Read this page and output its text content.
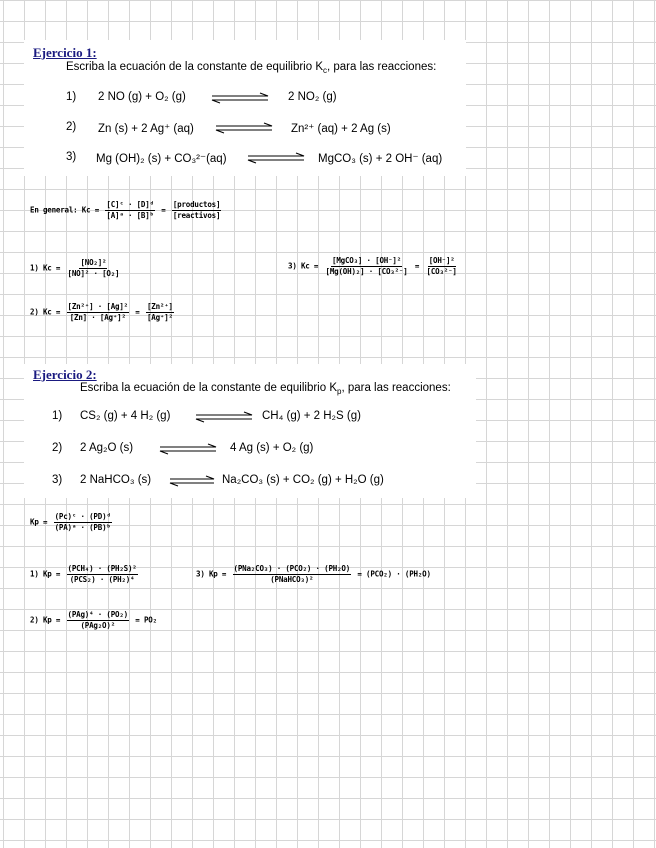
Ejercicio 1:
Escriba la ecuación de la constante de equilibrio $K_c$, para las reacciones:
1) 2 NO (g) + O₂ (g) ⇌ 2 NO₂ (g)
2) Zn (s) + 2 Ag⁺ (aq) ⇌ Zn²⁺ (aq) + 2 Ag (s)
3) Mg (OH)₂ (s) + CO₃²⁻(aq) ⇌ MgCO₃ (s) + 2 OH⁻ (aq)
En general: $Kc = \frac{\text{[C]ᶜ · [D]ᵈ}}{\text{[A]ᵃ · [B]ᵇ}} = \frac{\text{[productos]}}{\text{[reactivos]}}$
1) $Kc = \frac{\text{[NO₂]²}}{\text{[NO]² · [O₂]}}$	3) $Kc = \frac{\text{[MgCO₃] · [OH⁻]²}}{\text{[Mg(OH)₂] · [CO₃²⁻]}} = \frac{\text{[OH⁻]²}}{\text{[CO₃²⁻]}}$
2) $Kc = \frac{\text{[Zn²⁺] · [Ag]²}}{\text{[Zn] · [Ag⁺]²}} = \frac{\text{[Zn²⁺]}}{\text{[Ag⁺]²}}$
Ejercicio 2:
Escriba la ecuación de la constante de equilibrio $K_p$, para las reacciones:
1) CS₂ (g) + 4 H₂ (g) ⇌ CH₄ (g) + 2 H₂S (g)
2) 2 Ag₂O (s) ⇌ 4 Ag (s) + O₂ (g)
3) 2 NaHCO₃ (s) ⇌ Na₂CO₃ (s) + CO₂ (g) + H₂O (g)
$Kp = \frac{\text{(Pc)ᶜ · (PD)ᵈ}}{\text{(PA)ᵃ · (PB)ᵇ}}$
1) $Kp = \frac{\text{(PCH₄) · (PH₂S)²}}{\text{(PCS₂) · (PH₂)⁴}}$	3) $Kp = \frac{\text{(PNa₂CO₃) · (PCO₂) · (PH₂O)}}{\text{(PNaHCO₃)²}} = (PCO_2) \cdot (PH_2O)$
2) $Kp = \frac{\text{(PAg)⁴ · (PO₂)}}{\text{(PAg₂O)²}} = PO_2$
